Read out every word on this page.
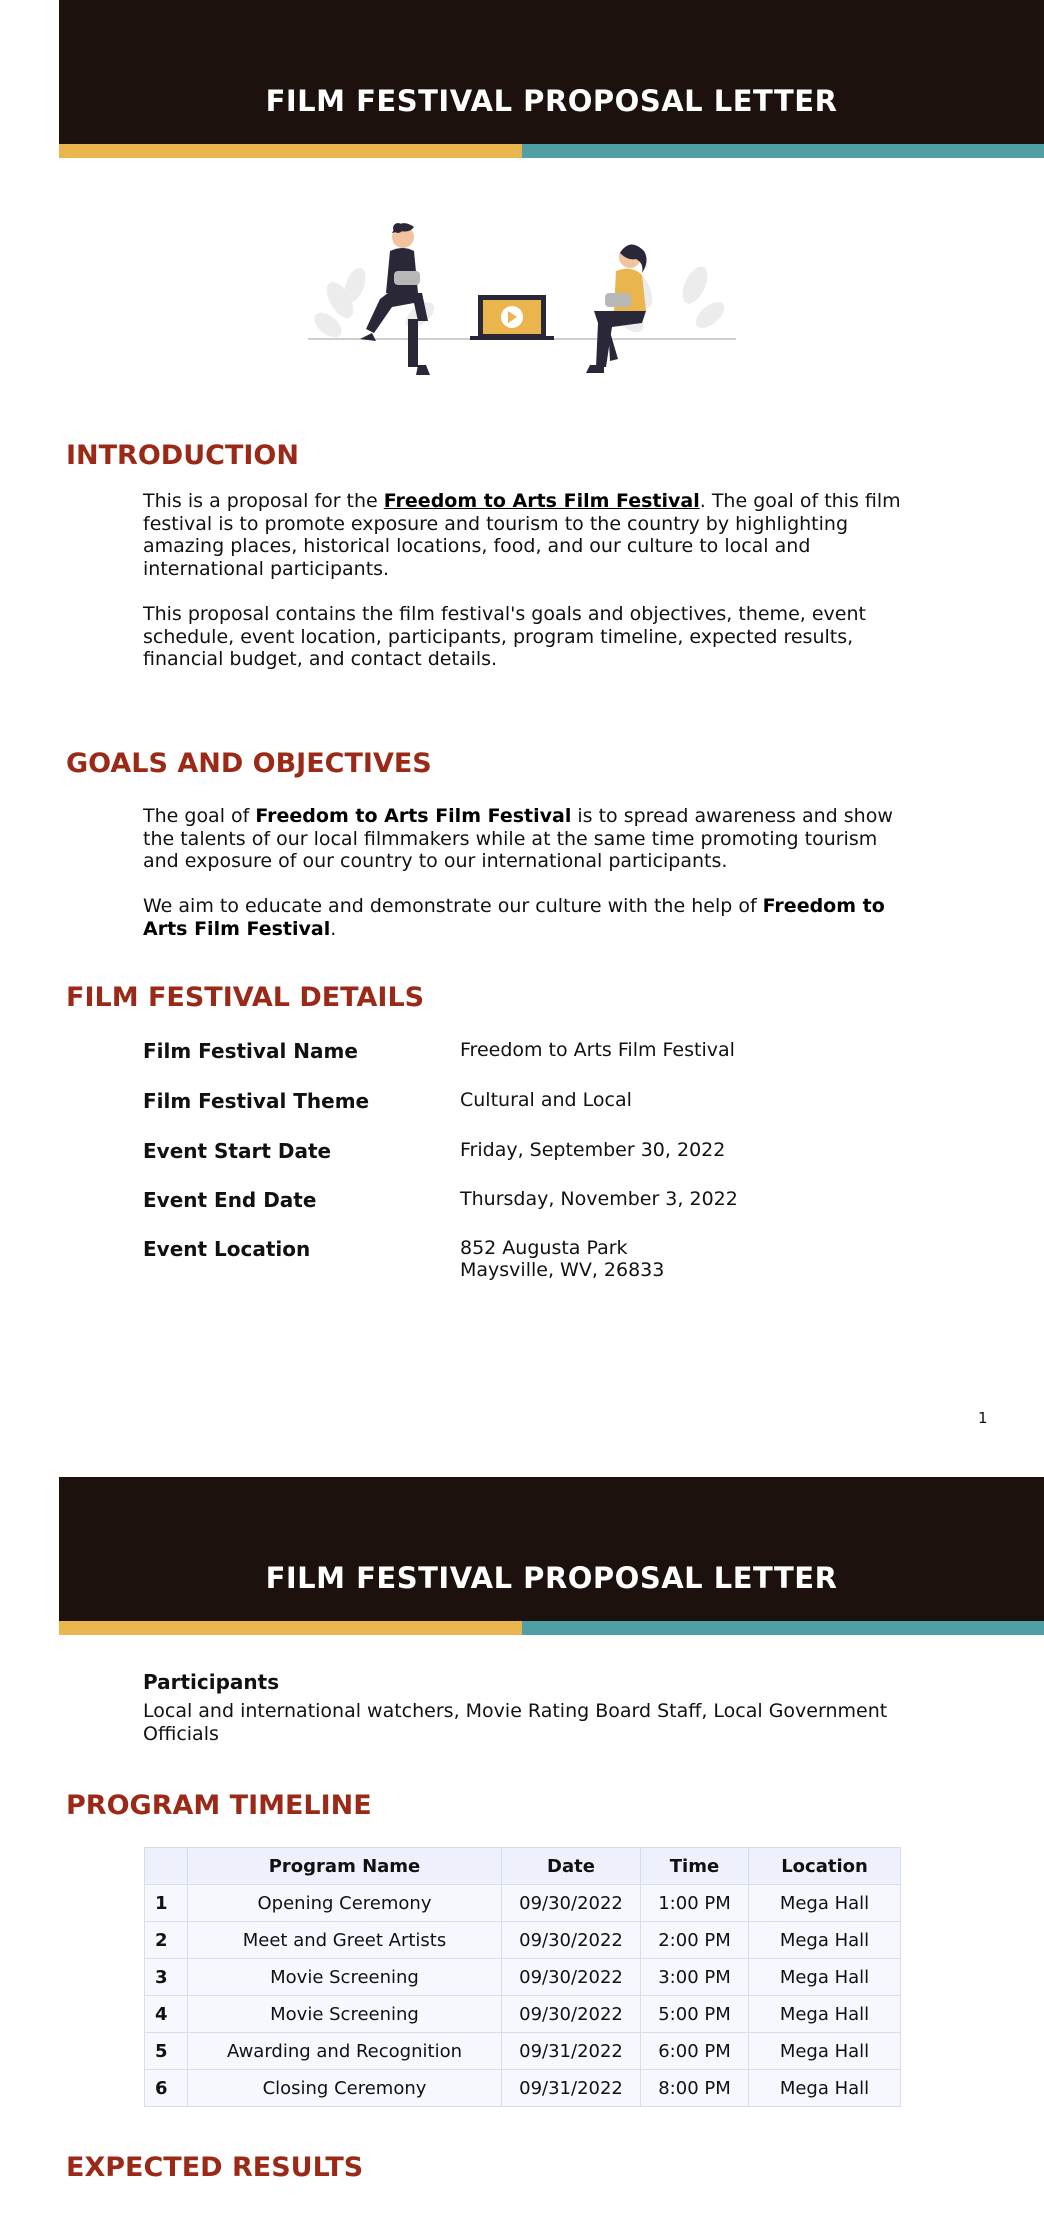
FILM FESTIVAL PROPOSAL LETTER
INTRODUCTION
This is a proposal for the Freedom to Arts Film Festival. The goal of this film festival is to promote exposure and tourism to the country by highlighting amazing places, historical locations, food, and our culture to local and international participants.
This proposal contains the film festival's goals and objectives, theme, event schedule, event location, participants, program timeline, expected results, financial budget, and contact details.
GOALS AND OBJECTIVES
The goal of Freedom to Arts Film Festival is to spread awareness and show the talents of our local filmmakers while at the same time promoting tourism and exposure of our country to our international participants.
We aim to educate and demonstrate our culture with the help of Freedom to Arts Film Festival.
FILM FESTIVAL DETAILS
Film Festival Name	Freedom to Arts Film Festival
Film Festival Theme	Cultural and Local
Event Start Date	Friday, September 30, 2022
Event End Date	Thursday, November 3, 2022
Event Location	852 Augusta Park
Maysville, WV, 26833
1
FILM FESTIVAL PROPOSAL LETTER
Participants
Local and international watchers, Movie Rating Board Staff, Local Government Officials
PROGRAM TIMELINE
	Program Name	Date	Time	Location
1	Opening Ceremony	09/30/2022	1:00 PM	Mega Hall
2	Meet and Greet Artists	09/30/2022	2:00 PM	Mega Hall
3	Movie Screening	09/30/2022	3:00 PM	Mega Hall
4	Movie Screening	09/30/2022	5:00 PM	Mega Hall
5	Awarding and Recognition	09/31/2022	6:00 PM	Mega Hall
6	Closing Ceremony	09/31/2022	8:00 PM	Mega Hall
EXPECTED RESULTS
